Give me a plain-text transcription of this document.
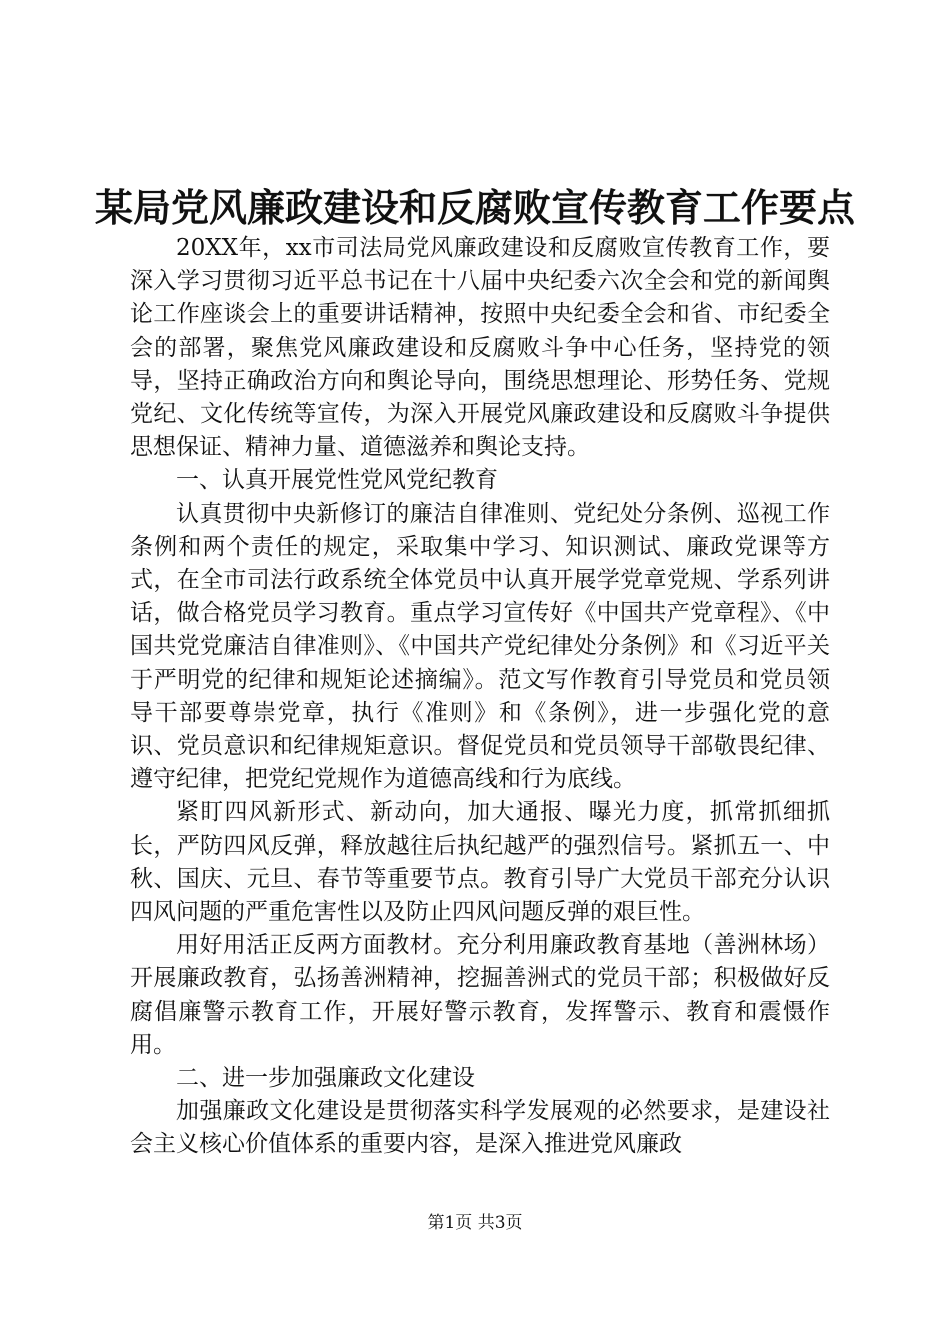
某局党风廉政建设和反腐败宣传教育工作要点

20XX年，xx市司法局党风廉政建设和反腐败宣传教育工作，要深入学习贯彻习近平总书记在十八届中央纪委六次全会和党的新闻舆论工作座谈会上的重要讲话精神，按照中央纪委全会和省、市纪委全会的部署，聚焦党风廉政建设和反腐败斗争中心任务，坚持党的领导，坚持正确政治方向和舆论导向，围绕思想理论、形势任务、党规党纪、文化传统等宣传，为深入开展党风廉政建设和反腐败斗争提供思想保证、精神力量、道德滋养和舆论支持。

一、认真开展党性党风党纪教育

认真贯彻中央新修订的廉洁自律准则、党纪处分条例、巡视工作条例和两个责任的规定，采取集中学习、知识测试、廉政党课等方式，在全市司法行政系统全体党员中认真开展学党章党规、学系列讲话，做合格党员学习教育。重点学习宣传好《中国共产党章程》、《中国共党党廉洁自律准则》、《中国共产党纪律处分条例》和《习近平关于严明党的纪律和规矩论述摘编》。范文写作教育引导党员和党员领导干部要尊崇党章，执行《准则》和《条例》，进一步强化党的意识、党员意识和纪律规矩意识。督促党员和党员领导干部敬畏纪律、遵守纪律，把党纪党规作为道德高线和行为底线。

紧盯四风新形式、新动向，加大通报、曝光力度，抓常抓细抓长，严防四风反弹，释放越往后执纪越严的强烈信号。紧抓五一、中秋、国庆、元旦、春节等重要节点。教育引导广大党员干部充分认识四风问题的严重危害性以及防止四风问题反弹的艰巨性。

用好用活正反两方面教材。充分利用廉政教育基地（善洲林场）开展廉政教育，弘扬善洲精神，挖掘善洲式的党员干部；积极做好反腐倡廉警示教育工作，开展好警示教育，发挥警示、教育和震慑作用。

二、进一步加强廉政文化建设

加强廉政文化建设是贯彻落实科学发展观的必然要求，是建设社会主义核心价值体系的重要内容，是深入推进党风廉政

第1页 共3页
